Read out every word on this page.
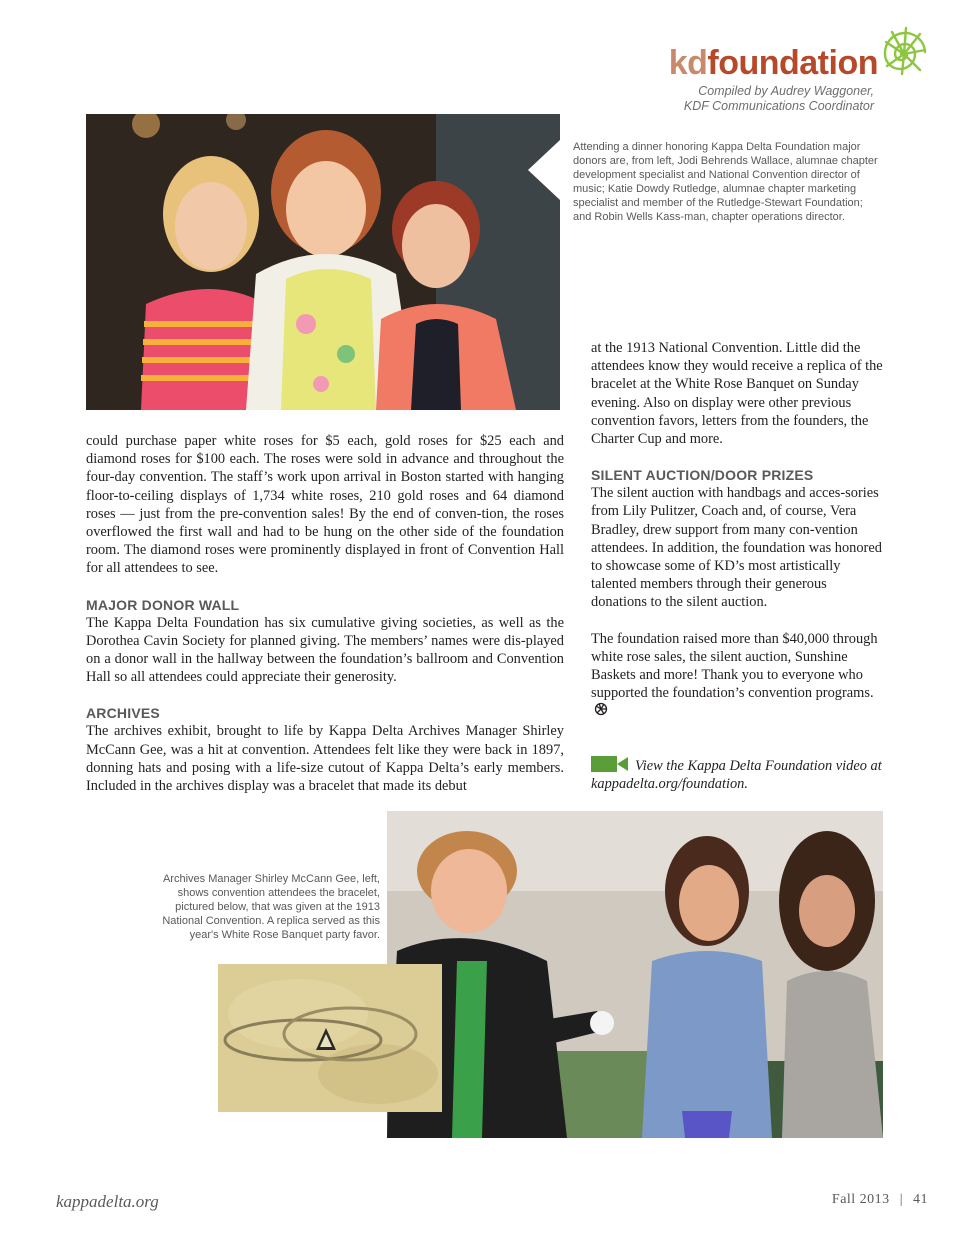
kdfoundation
Compiled by Audrey Waggoner,
KDF Communications Coordinator
Attending a dinner honoring Kappa Delta Foundation major donors are, from left, Jodi Behrends Wallace, alumnae chapter development specialist and National Convention director of music; Katie Dowdy Rutledge, alumnae chapter marketing specialist and member of the Rutledge-Stewart Foundation; and Robin Wells Kass-man, chapter operations director.

could purchase paper white roses for $5 each, gold roses for $25 each and diamond roses for $100 each. The roses were sold in advance and throughout the four-day convention. The staff’s work upon arrival in Boston started with hanging floor-to-ceiling displays of 1,734 white roses, 210 gold roses and 64 diamond roses — just from the pre-convention sales! By the end of conven-tion, the roses overflowed the first wall and had to be hung on the other side of the foundation room. The diamond roses were prominently displayed in front of Convention Hall for all attendees to see.

MAJOR DONOR WALL

The Kappa Delta Foundation has six cumulative giving societies, as well as the Dorothea Cavin Society for planned giving. The members’ names were dis-played on a donor wall in the hallway between the foundation’s ballroom and Convention Hall so all attendees could appreciate their generosity.

ARCHIVES

The archives exhibit, brought to life by Kappa Delta Archives Manager Shirley McCann Gee, was a hit at convention. Attendees felt like they were back in 1897, donning hats and posing with a life-size cutout of Kappa Delta’s early members. Included in the archives display was a bracelet that made its debut

at the 1913 National Convention. Little did the attendees know they would receive a replica of the bracelet at the White Rose Banquet on Sunday evening. Also on display were other previous convention favors, letters from the founders, the Charter Cup and more.

SILENT AUCTION/DOOR PRIZES

The silent auction with handbags and acces-sories from Lily Pulitzer, Coach and, of course, Vera Bradley, drew support from many con-vention attendees. In addition, the foundation was honored to showcase some of KD’s most artistically talented members through their generous donations to the silent auction.

The foundation raised more than $40,000 through white rose sales, the silent auction, Sunshine Baskets and more! Thank you to everyone who supported the foundation’s convention programs.

View the Kappa Delta Foundation video at kappadelta.org/foundation.
Archives Manager Shirley McCann Gee, left, shows convention attendees the bracelet, pictured below, that was given at the 1913 National Convention. A replica served as this year's White Rose Banquet party favor.
kappadelta.org	Fall 2013 | 41
